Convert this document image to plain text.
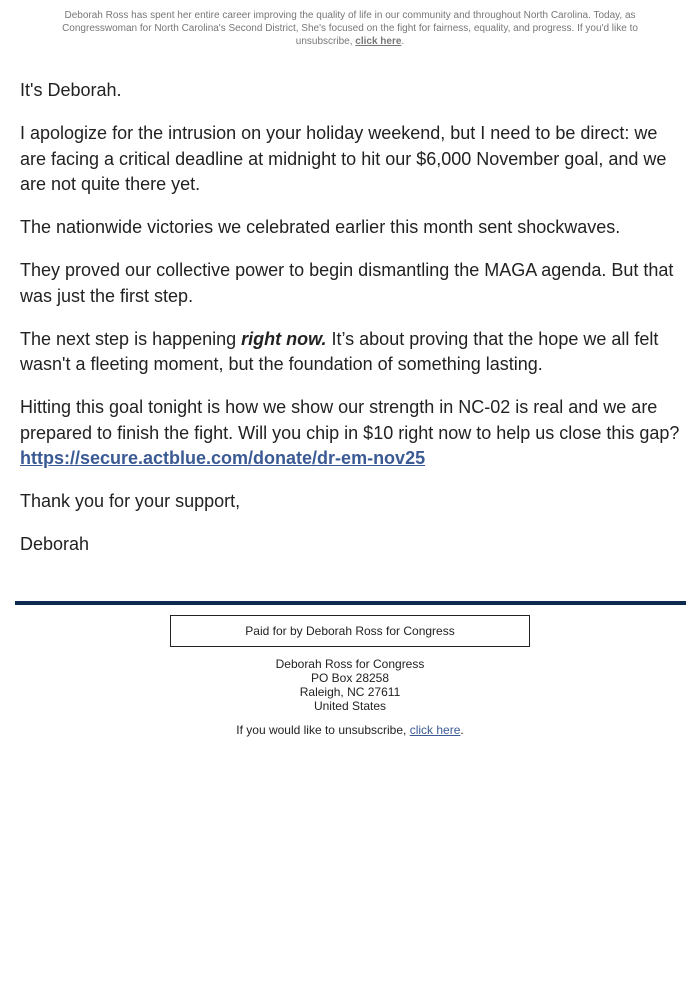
Deborah Ross has spent her entire career improving the quality of life in our community and throughout North Carolina. Today, as Congresswoman for North Carolina's Second District, She's focused on the fight for fairness, equality, and progress. If you'd like to unsubscribe, click here.

It's Deborah.

I apologize for the intrusion on your holiday weekend, but I need to be direct: we are facing a critical deadline at midnight to hit our $6,000 November goal, and we are not quite there yet.

The nationwide victories we celebrated earlier this month sent shockwaves.

They proved our collective power to begin dismantling the MAGA agenda. But that was just the first step.

The next step is happening right now. It’s about proving that the hope we all felt wasn't a fleeting moment, but the foundation of something lasting.

Hitting this goal tonight is how we show our strength in NC-02 is real and we are prepared to finish the fight. Will you chip in $10 right now to help us close this gap?
https://secure.actblue.com/donate/dr-em-nov25

Thank you for your support,

Deborah

Paid for by Deborah Ross for Congress
Deborah Ross for Congress
PO Box 28258
Raleigh, NC 27611
United States
If you would like to unsubscribe, click here.
